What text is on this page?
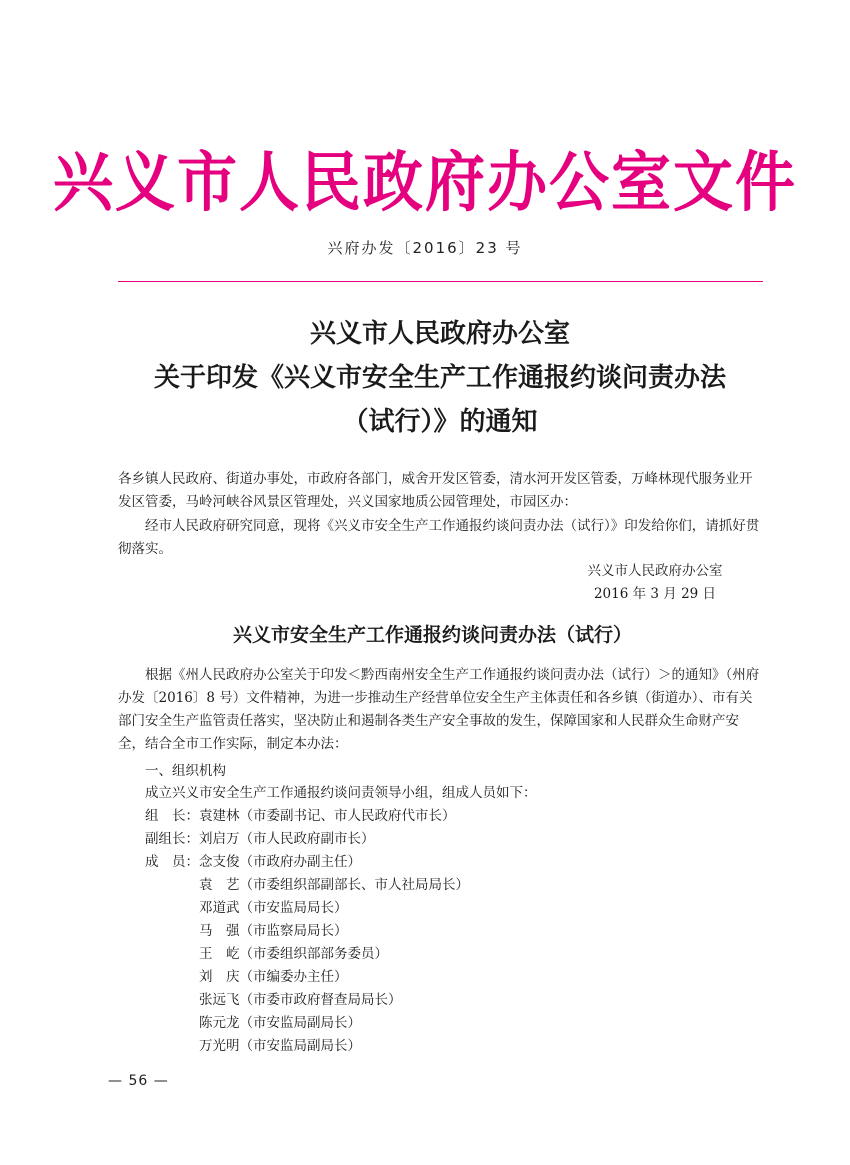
兴义市人民政府办公室文件
兴府办发〔2016〕23 号
兴义市人民政府办公室
关于印发《兴义市安全生产工作通报约谈问责办法
（试行）》的通知
各乡镇人民政府、街道办事处，市政府各部门，威舍开发区管委，清水河开发区管委，万峰林现代服务业开发区管委，马岭河峡谷风景区管理处，兴义国家地质公园管理处，市园区办：
经市人民政府研究同意，现将《兴义市安全生产工作通报约谈问责办法（试行）》印发给你们，请抓好贯彻落实。
兴义市人民政府办公室
2016 年 3 月 29 日
兴义市安全生产工作通报约谈问责办法（试行）
根据《州人民政府办公室关于印发＜黔西南州安全生产工作通报约谈问责办法（试行）＞的通知》（州府办发〔2016〕8 号）文件精神，为进一步推动生产经营单位安全生产主体责任和各乡镇（街道办）、市有关部门安全生产监管责任落实，坚决防止和遏制各类生产安全事故的发生，保障国家和人民群众生命财产安全，结合全市工作实际，制定本办法：
一、组织机构
成立兴义市安全生产工作通报约谈问责领导小组，组成人员如下：
组　长：袁建林（市委副书记、市人民政府代市长）
副组长：刘启万（市人民政府副市长）
成　员：念支俊（市政府办副主任）
袁　艺（市委组织部副部长、市人社局局长）
邓道武（市安监局局长）
马　强（市监察局局长）
王　屹（市委组织部部务委员）
刘　庆（市编委办主任）
张远飞（市委市政府督查局局长）
陈元龙（市安监局副局长）
万光明（市安监局副局长）
— 56 —
